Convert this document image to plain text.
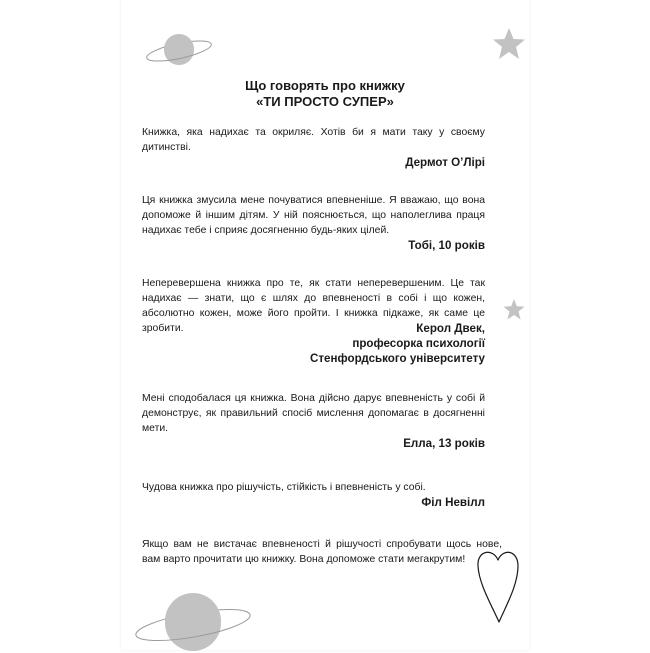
Що говорять про книжку
«ТИ ПРОСТО СУПЕР»
Книжка, яка надихає та окриляє. Хотів би я мати таку у своєму дитинстві.
Дермот О’Лірі
Ця книжка змусила мене почуватися впевненіше. Я вважаю, що вона допоможе й іншим дітям. У ній пояснюється, що наполеглива праця надихає тебе і сприяє досягненню будь-яких цілей.
Тобі, 10 років
Неперевершена книжка про те, як стати неперевершеним. Це так надихає — знати, що є шлях до впевненості в собі і що кожен, абсолютно кожен, може його пройти. І книжка підкаже, як саме це зробити.	Керол Двек,
професорка психології
Стенфордського університету
Мені сподобалася ця книжка. Вона дійсно дарує впевненість у собі й демонструє, як правильний спосіб мислення допомагає в досягненні мети.
Елла, 13 років
Чудова книжка про рішучість, стійкість і впевненість у собі.
Філ Невілл
Якщо вам не вистачає впевненості й рішучості спробувати щось нове, вам варто прочитати цю книжку. Вона допоможе стати мегакрутим!
